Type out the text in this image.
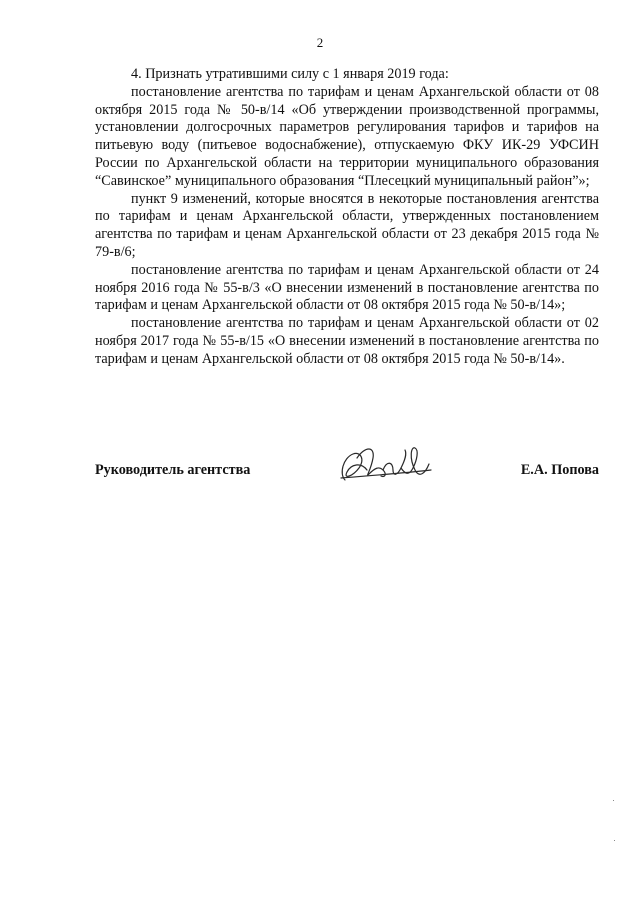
2

4. Признать утратившими силу с 1 января 2019 года:

постановление агентства по тарифам и ценам Архангельской области от 08 октября 2015 года № 50-в/14 «Об утверждении производственной программы, установлении долгосрочных параметров регулирования тарифов и тарифов на питьевую воду (питьевое водоснабжение), отпускаемую ФКУ ИК-29 УФСИН России по Архангельской области на территории муниципального образования “Савинское” муниципального образования “Плесецкий муниципальный район”»;

пункт 9 изменений, которые вносятся в некоторые постановления агентства по тарифам и ценам Архангельской области, утвержденных постановлением агентства по тарифам и ценам Архангельской области от 23 декабря 2015 года № 79-в/6;

постановление агентства по тарифам и ценам Архангельской области от 24 ноября 2016 года № 55-в/3 «О внесении изменений в постановление агентства по тарифам и ценам Архангельской области от 08 октября 2015 года № 50-в/14»;

постановление агентства по тарифам и ценам Архангельской области от 02 ноября 2017 года № 55-в/15 «О внесении изменений в постановление агентства по тарифам и ценам Архангельской области от 08 октября 2015 года № 50-в/14».

Руководитель агентства	Е.А. Попова
